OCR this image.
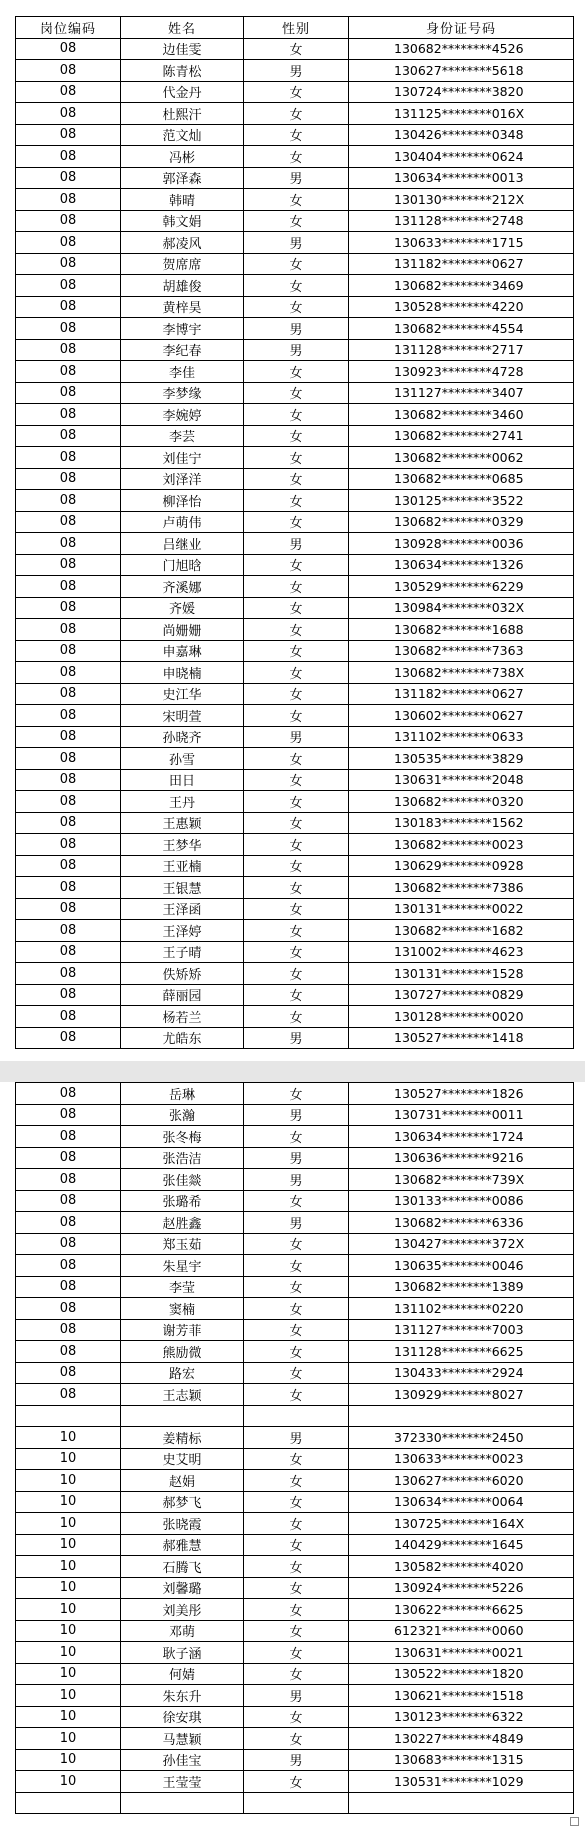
岗位编码	姓名	性别	身份证号码
08	边佳雯	女	130682********4526
08	陈青松	男	130627********5618
08	代金丹	女	130724********3820
08	杜熙汗	女	131125********016X
08	范文灿	女	130426********0348
08	冯彬	女	130404********0624
08	郭泽森	男	130634********0013
08	韩晴	女	130130********212X
08	韩文娟	女	131128********2748
08	郝凌风	男	130633********1715
08	贺席席	女	131182********0627
08	胡雄俊	女	130682********3469
08	黄梓昊	女	130528********4220
08	李博宇	男	130682********4554
08	李纪春	男	131128********2717
08	李佳	女	130923********4728
08	李梦缘	女	131127********3407
08	李婉婷	女	130682********3460
08	李芸	女	130682********2741
08	刘佳宁	女	130682********0062
08	刘泽洋	女	130682********0685
08	柳泽怡	女	130125********3522
08	卢萌伟	女	130682********0329
08	吕继业	男	130928********0036
08	门旭晗	女	130634********1326
08	齐溪娜	女	130529********6229
08	齐媛	女	130984********032X
08	尚姗姗	女	130682********1688
08	申嘉琳	女	130682********7363
08	申晓楠	女	130682********738X
08	史江华	女	131182********0627
08	宋明萱	女	130602********0627
08	孙晓齐	男	131102********0633
08	孙雪	女	130535********3829
08	田日	女	130631********2048
08	王丹	女	130682********0320
08	王惠颖	女	130183********1562
08	王梦华	女	130682********0023
08	王亚楠	女	130629********0928
08	王银慧	女	130682********7386
08	王泽函	女	130131********0022
08	王泽婷	女	130682********1682
08	王子晴	女	131002********4623
08	佚矫矫	女	130131********1528
08	薛丽园	女	130727********0829
08	杨若兰	女	130128********0020
08	尤皓东	男	130527********1418
08	岳琳	女	130527********1826
08	张瀚	男	130731********0011
08	张冬梅	女	130634********1724
08	张浩洁	男	130636********9216
08	张佳燚	男	130682********739X
08	张璐希	女	130133********0086
08	赵胜鑫	男	130682********6336
08	郑玉茹	女	130427********372X
08	朱星宇	女	130635********0046
08	李莹	女	130682********1389
08	窦楠	女	131102********0220
08	谢芳菲	女	131127********7003
08	熊励微	女	131128********6625
08	路宏	女	130433********2924
08	王志颖	女	130929********8027

10	姜精标	男	372330********2450
10	史艾明	女	130633********0023
10	赵娟	女	130627********6020
10	郝梦飞	女	130634********0064
10	张晓霞	女	130725********164X
10	郝雅慧	女	140429********1645
10	石腾飞	女	130582********4020
10	刘馨璐	女	130924********5226
10	刘美彤	女	130622********6625
10	邓萌	女	612321********0060
10	耿子涵	女	130631********0021
10	何婧	女	130522********1820
10	朱东升	男	130621********1518
10	徐安琪	女	130123********6322
10	马慧颖	女	130227********4849
10	孙佳宝	男	130683********1315
10	王莹莹	女	130531********1029
